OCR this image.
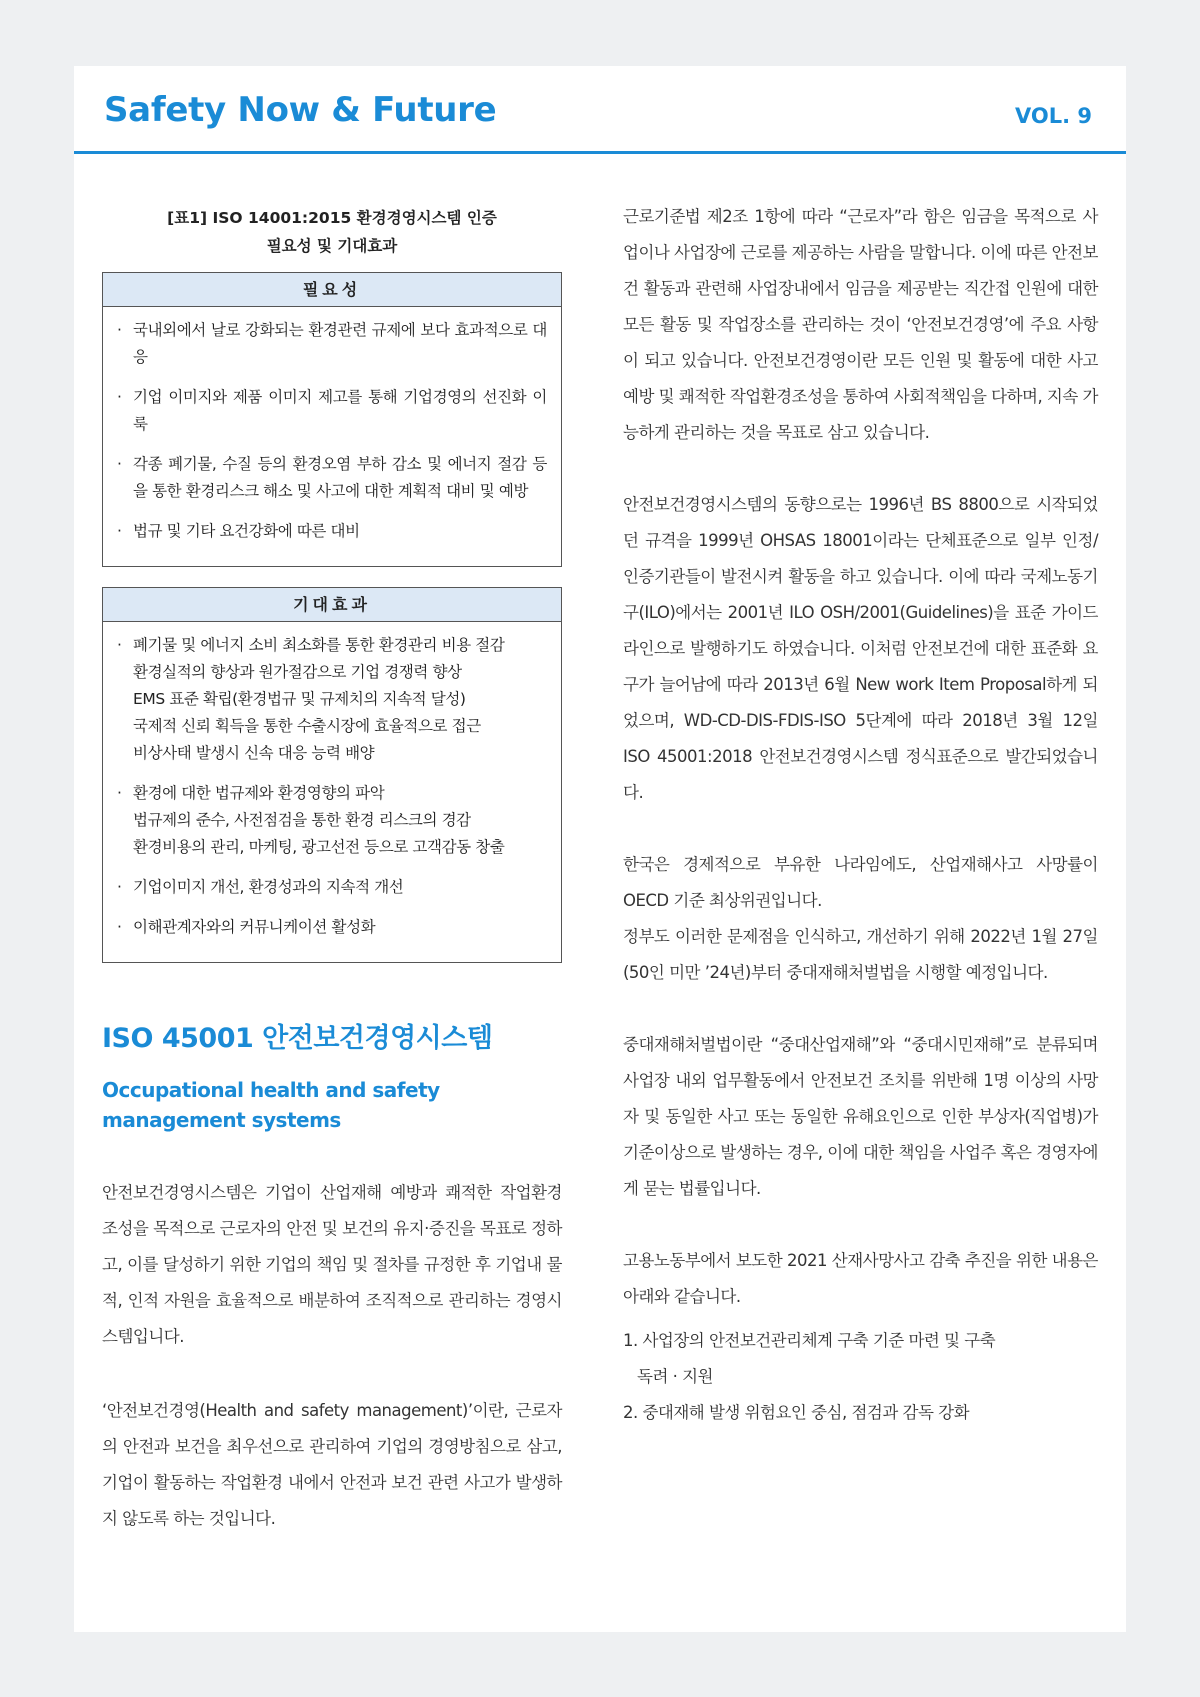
Safety Now & Future	VOL. 9
[표1] ISO 14001:2015 환경경영시스템 인증
필요성 및 기대효과
필요성
· 국내외에서 날로 강화되는 환경관련 규제에 보다 효과적으로 대응
· 기업 이미지와 제품 이미지 제고를 통해 기업경영의 선진화 이룩
· 각종 폐기물, 수질 등의 환경오염 부하 감소 및 에너지 절감 등을 통한 환경리스크 해소 및 사고에 대한 계획적 대비 및 예방
· 법규 및 기타 요건강화에 따른 대비
기대효과
· 폐기물 및 에너지 소비 최소화를 통한 환경관리 비용 절감
환경실적의 향상과 원가절감으로 기업 경쟁력 향상
EMS 표준 확립(환경법규 및 규제치의 지속적 달성)
국제적 신뢰 획득을 통한 수출시장에 효율적으로 접근
비상사태 발생시 신속 대응 능력 배양
· 환경에 대한 법규제와 환경영향의 파악
법규제의 준수, 사전점검을 통한 환경 리스크의 경감
환경비용의 관리, 마케팅, 광고선전 등으로 고객감동 창출
· 기업이미지 개선, 환경성과의 지속적 개선
· 이해관계자와의 커뮤니케이션 활성화
ISO 45001 안전보건경영시스템
Occupational health and safety
management systems

안전보건경영시스템은 기업이 산업재해 예방과 쾌적한 작업환경 조성을 목적으로 근로자의 안전 및 보건의 유지·증진을 목표로 정하고, 이를 달성하기 위한 기업의 책임 및 절차를 규정한 후 기업내 물적, 인적 자원을 효율적으로 배분하여 조직적으로 관리하는 경영시스템입니다.

‘안전보건경영(Health and safety management)’이란, 근로자의 안전과 보건을 최우선으로 관리하여 기업의 경영방침으로 삼고, 기업이 활동하는 작업환경 내에서 안전과 보건 관련 사고가 발생하지 않도록 하는 것입니다.

근로기준법 제2조 1항에 따라 “근로자”라 함은 임금을 목적으로 사업이나 사업장에 근로를 제공하는 사람을 말합니다. 이에 따른 안전보건 활동과 관련해 사업장내에서 임금을 제공받는 직간접 인원에 대한 모든 활동 및 작업장소를 관리하는 것이 ‘안전보건경영’에 주요 사항이 되고 있습니다. 안전보건경영이란 모든 인원 및 활동에 대한 사고예방 및 쾌적한 작업환경조성을 통하여 사회적책임을 다하며, 지속 가능하게 관리하는 것을 목표로 삼고 있습니다.

안전보건경영시스템의 동향으로는 1996년 BS 8800으로 시작되었던 규격을 1999년 OHSAS 18001이라는 단체표준으로 일부 인정/인증기관들이 발전시켜 활동을 하고 있습니다. 이에 따라 국제노동기구(ILO)에서는 2001년 ILO OSH/2001(Guidelines)을 표준 가이드라인으로 발행하기도 하였습니다. 이처럼 안전보건에 대한 표준화 요구가 늘어남에 따라 2013년 6월 New work Item Proposal하게 되었으며, WD-CD-DIS-FDIS-ISO 5단계에 따라 2018년 3월 12일 ISO 45001:2018 안전보건경영시스템 정식표준으로 발간되었습니다.

한국은 경제적으로 부유한 나라임에도, 산업재해사고 사망률이 OECD 기준 최상위권입니다.

정부도 이러한 문제점을 인식하고, 개선하기 위해 2022년 1월 27일(50인 미만 ’24년)부터 중대재해처벌법을 시행할 예정입니다.

중대재해처벌법이란 “중대산업재해”와 “중대시민재해”로 분류되며 사업장 내외 업무활동에서 안전보건 조치를 위반해 1명 이상의 사망자 및 동일한 사고 또는 동일한 유해요인으로 인한 부상자(직업병)가 기준이상으로 발생하는 경우, 이에 대한 책임을 사업주 혹은 경영자에게 묻는 법률입니다.

고용노동부에서 보도한 2021 산재사망사고 감축 추진을 위한 내용은 아래와 같습니다.

1. 사업장의 안전보건관리체계 구축 기준 마련 및 구축
독려 · 지원
2. 중대재해 발생 위험요인 중심, 점검과 감독 강화
